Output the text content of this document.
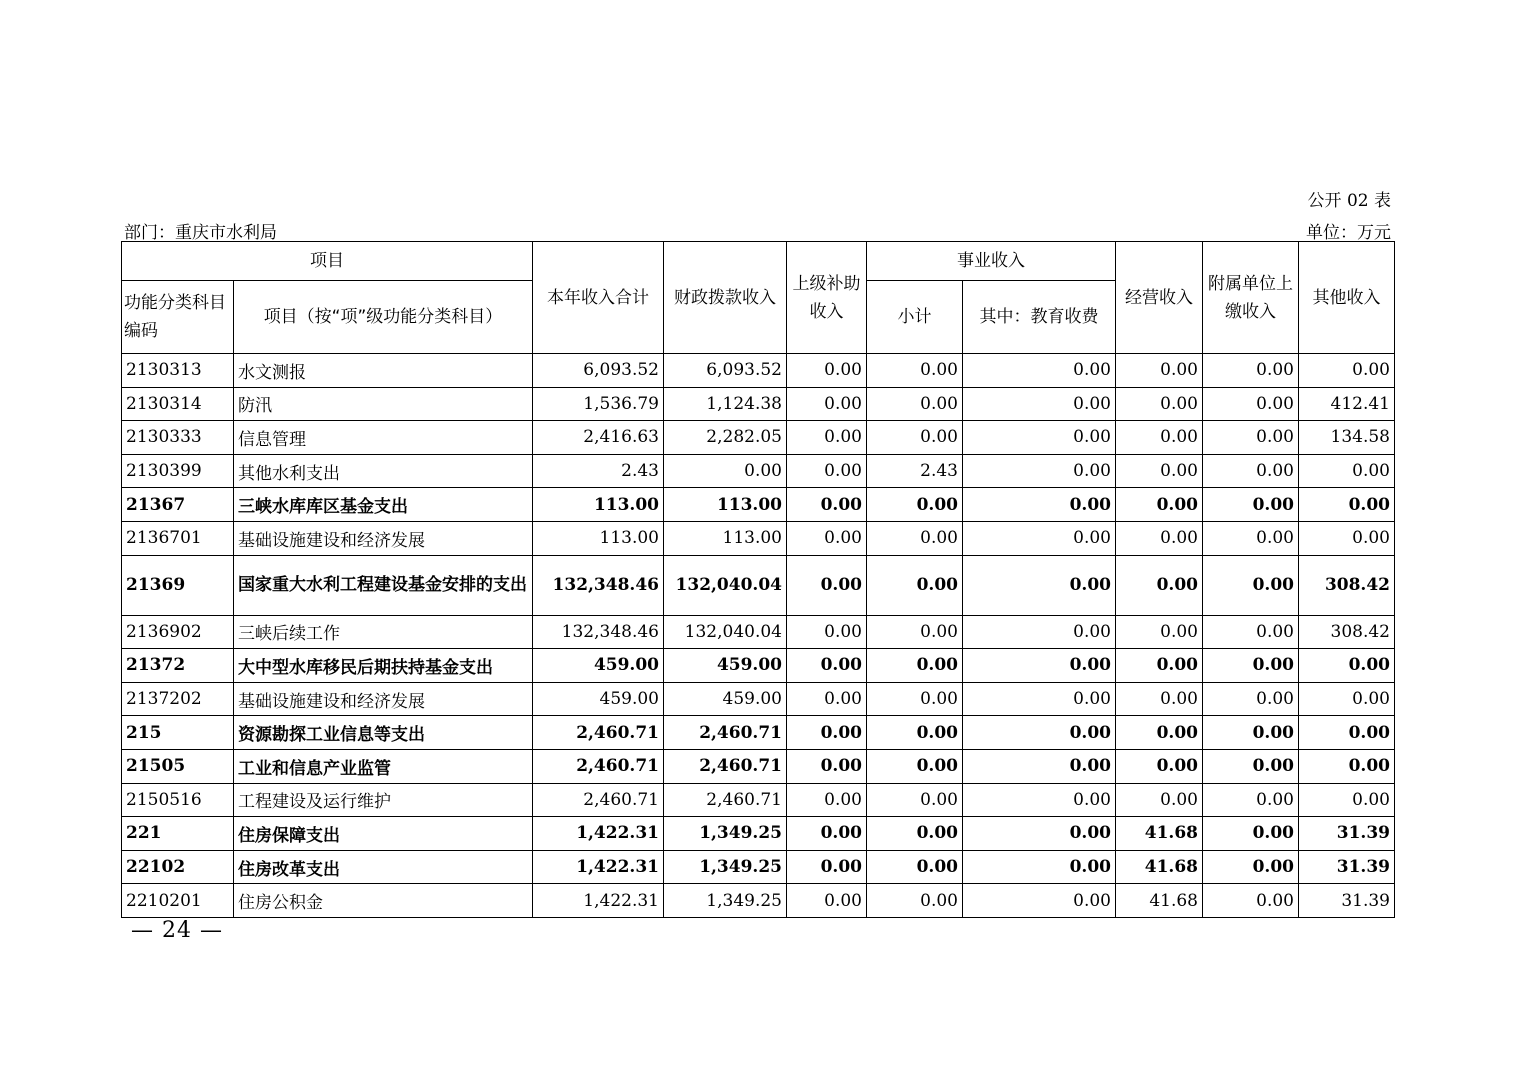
公开 02 表
部门：重庆市水利局	单位：万元
项目		本年收入合计	财政拨款收入	上级补助收入	事业收入		经营收入	附属单位上缴收入	其他收入
功能分类科目编码	项目（按“项”级功能分类科目）				小计	其中：教育收费			
2130313	水文测报	6,093.52	6,093.52	0.00	0.00	0.00	0.00	0.00	0.00
2130314	防汛	1,536.79	1,124.38	0.00	0.00	0.00	0.00	0.00	412.41
2130333	信息管理	2,416.63	2,282.05	0.00	0.00	0.00	0.00	0.00	134.58
2130399	其他水利支出	2.43	0.00	0.00	2.43	0.00	0.00	0.00	0.00
21367	三峡水库库区基金支出	113.00	113.00	0.00	0.00	0.00	0.00	0.00	0.00
2136701	基础设施建设和经济发展	113.00	113.00	0.00	0.00	0.00	0.00	0.00	0.00
21369	国家重大水利工程建设基金安排的支出	132,348.46	132,040.04	0.00	0.00	0.00	0.00	0.00	308.42
2136902	三峡后续工作	132,348.46	132,040.04	0.00	0.00	0.00	0.00	0.00	308.42
21372	大中型水库移民后期扶持基金支出	459.00	459.00	0.00	0.00	0.00	0.00	0.00	0.00
2137202	基础设施建设和经济发展	459.00	459.00	0.00	0.00	0.00	0.00	0.00	0.00
215	资源勘探工业信息等支出	2,460.71	2,460.71	0.00	0.00	0.00	0.00	0.00	0.00
21505	工业和信息产业监管	2,460.71	2,460.71	0.00	0.00	0.00	0.00	0.00	0.00
2150516	工程建设及运行维护	2,460.71	2,460.71	0.00	0.00	0.00	0.00	0.00	0.00
221	住房保障支出	1,422.31	1,349.25	0.00	0.00	0.00	41.68	0.00	31.39
22102	住房改革支出	1,422.31	1,349.25	0.00	0.00	0.00	41.68	0.00	31.39
2210201	住房公积金	1,422.31	1,349.25	0.00	0.00	0.00	41.68	0.00	31.39
— 24 —
